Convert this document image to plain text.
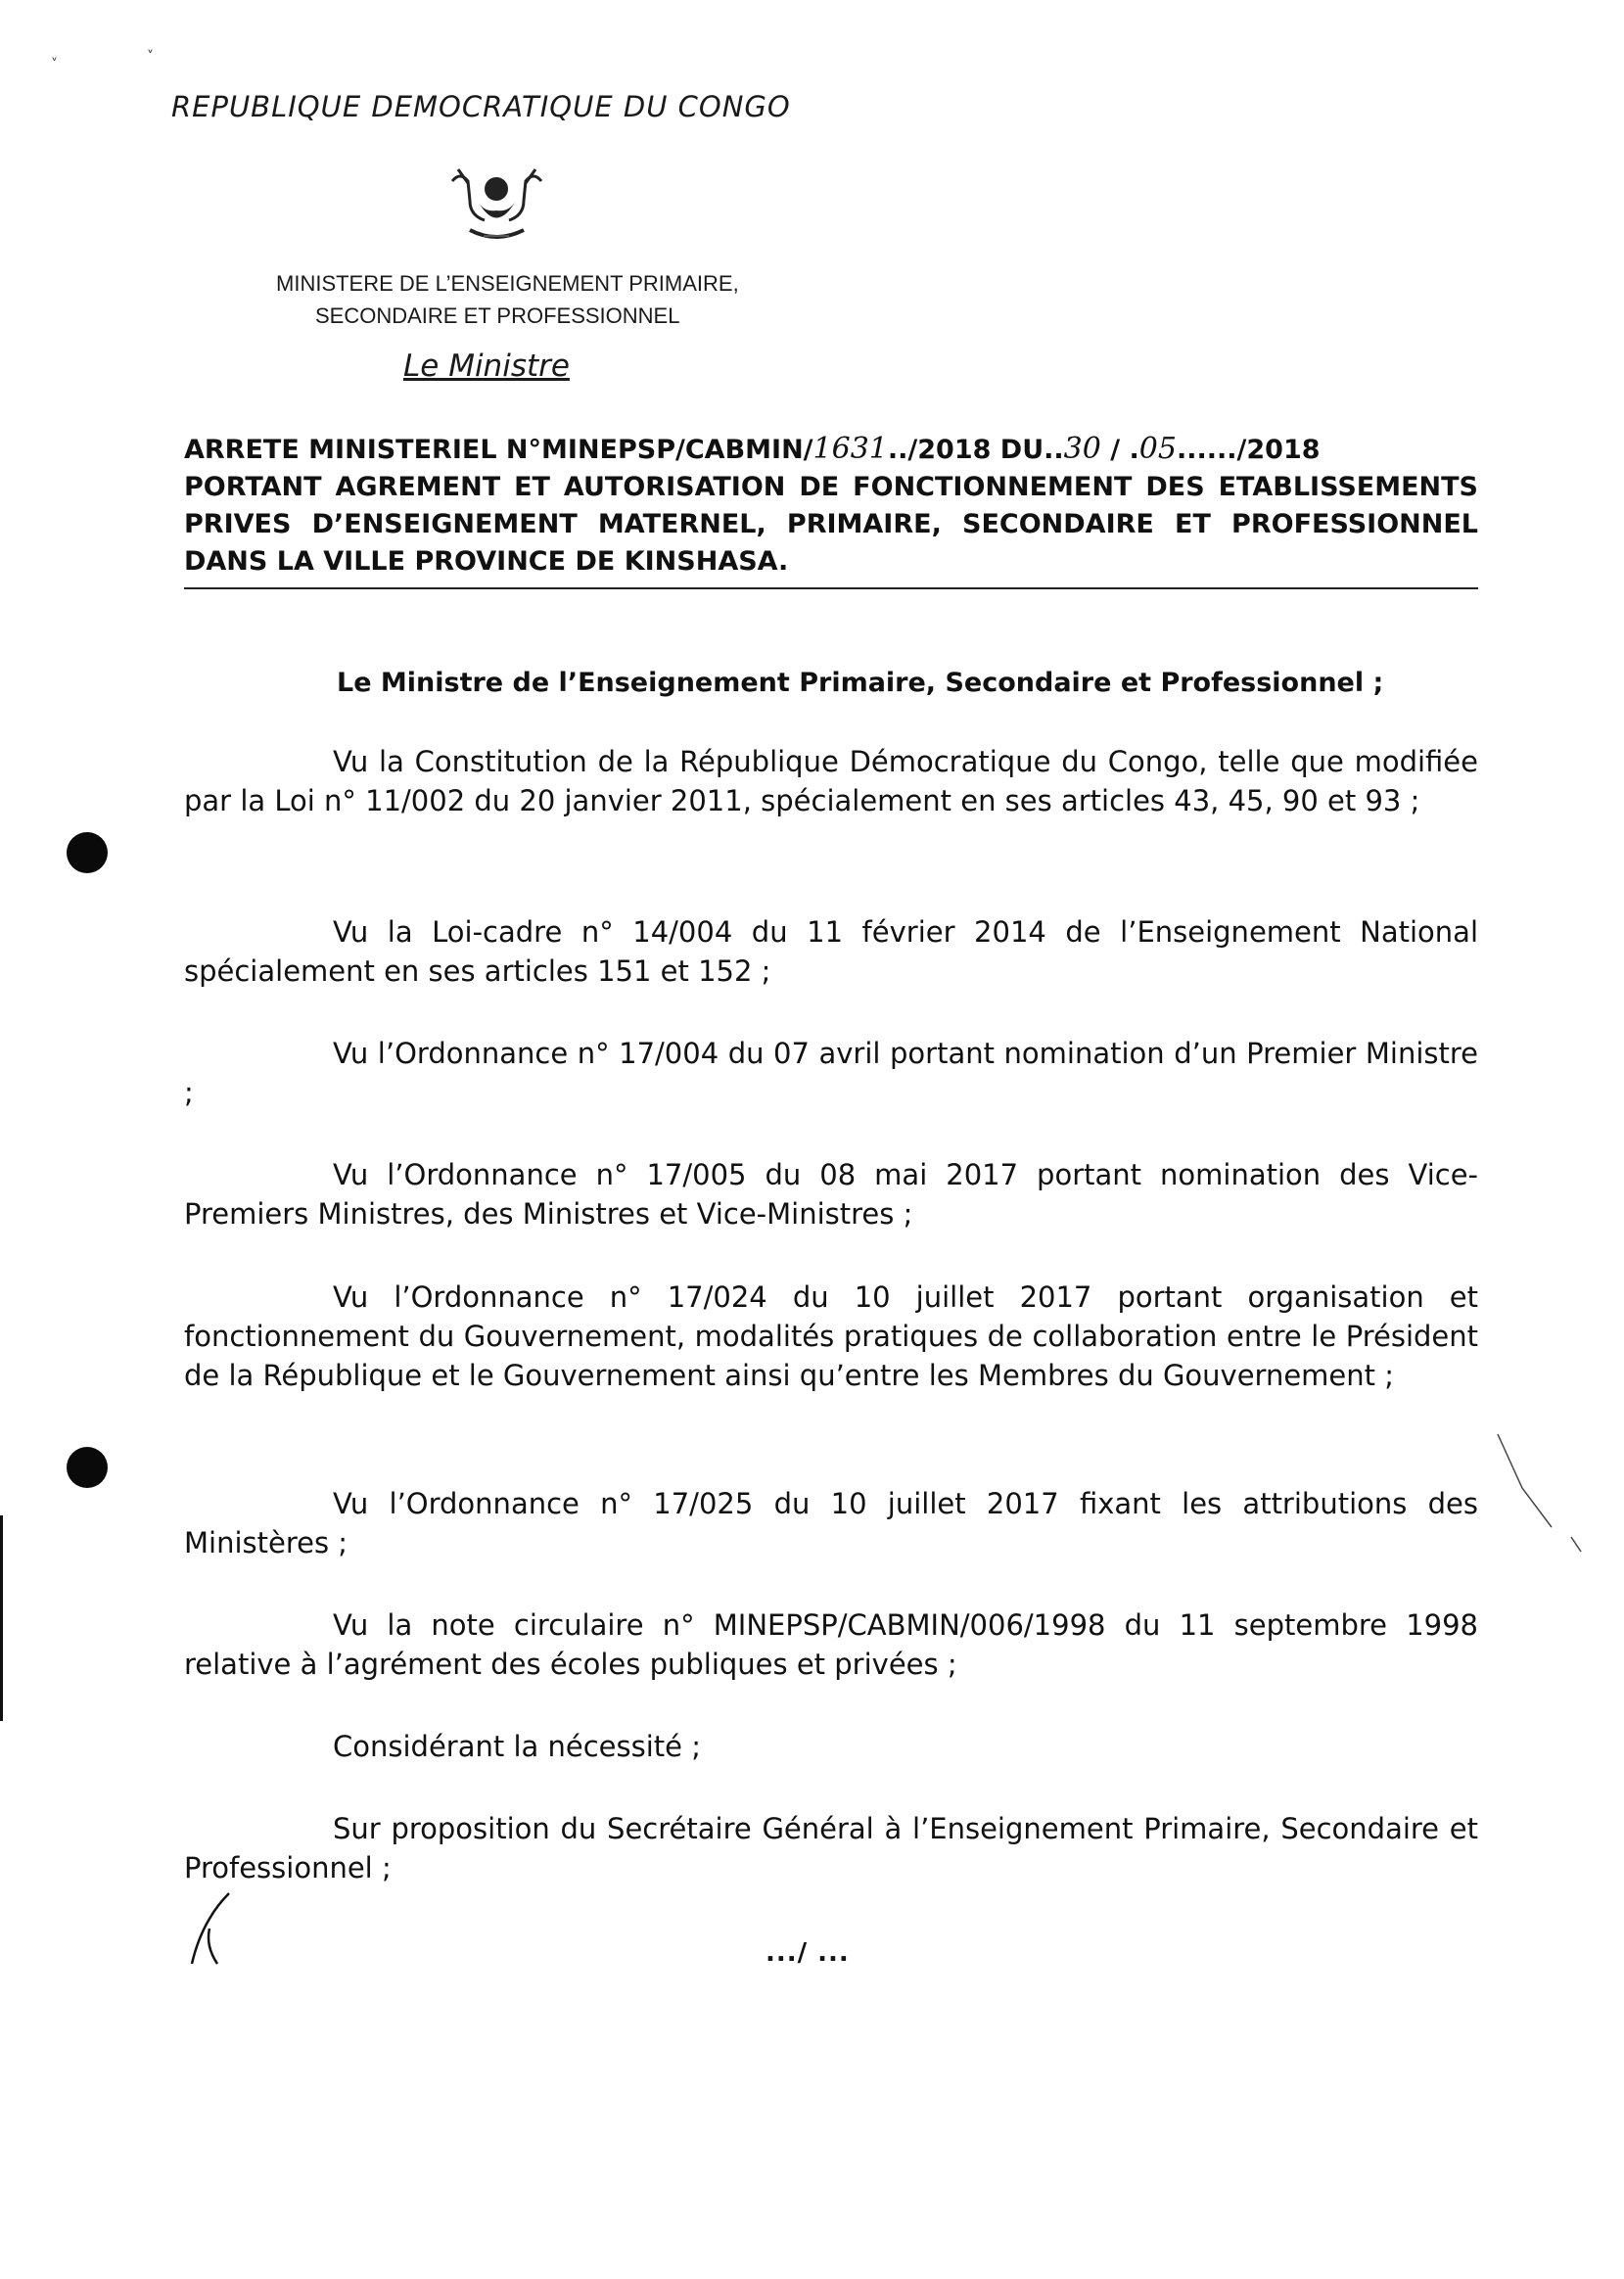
˅	˅
REPUBLIQUE DEMOCRATIQUE DU CONGO
MINISTERE DE L’ENSEIGNEMENT PRIMAIRE,
SECONDAIRE ET PROFESSIONNEL
Le Ministre
ARRETE MINISTERIEL N°MINEPSP/CABMIN/1631../2018 DU..30 / .05....../2018
PORTANT AGREMENT ET AUTORISATION DE FONCTIONNEMENT DES ETABLISSEMENTS PRIVES D’ENSEIGNEMENT MATERNEL, PRIMAIRE, SECONDAIRE ET PROFESSIONNEL DANS LA VILLE PROVINCE DE KINSHASA.
Le Ministre de l’Enseignement Primaire, Secondaire et Professionnel ;
Vu la Constitution de la République Démocratique du Congo, telle que modifiée par la Loi n° 11/002 du 20 janvier 2011, spécialement en ses articles 43, 45, 90 et 93 ;
Vu la Loi-cadre n° 14/004 du 11 février 2014 de l’Enseignement National spécialement en ses articles 151 et 152 ;
Vu l’Ordonnance n° 17/004 du 07 avril portant nomination d’un Premier Ministre ;
Vu l’Ordonnance n° 17/005 du 08 mai 2017 portant nomination des Vice-Premiers Ministres, des Ministres et Vice-Ministres ;
Vu l’Ordonnance n° 17/024 du 10 juillet 2017 portant organisation et fonctionnement du Gouvernement, modalités pratiques de collaboration entre le Président de la République et le Gouvernement ainsi qu’entre les Membres du Gouvernement ;
Vu l’Ordonnance n° 17/025 du 10 juillet 2017 fixant les attributions des Ministères ;
Vu la note circulaire n° MINEPSP/CABMIN/006/1998 du 11 septembre 1998 relative à l’agrément des écoles publiques et privées ;
Considérant la nécessité ;
Sur proposition du Secrétaire Général à l’Enseignement Primaire, Secondaire et Professionnel ;
.../ ...
